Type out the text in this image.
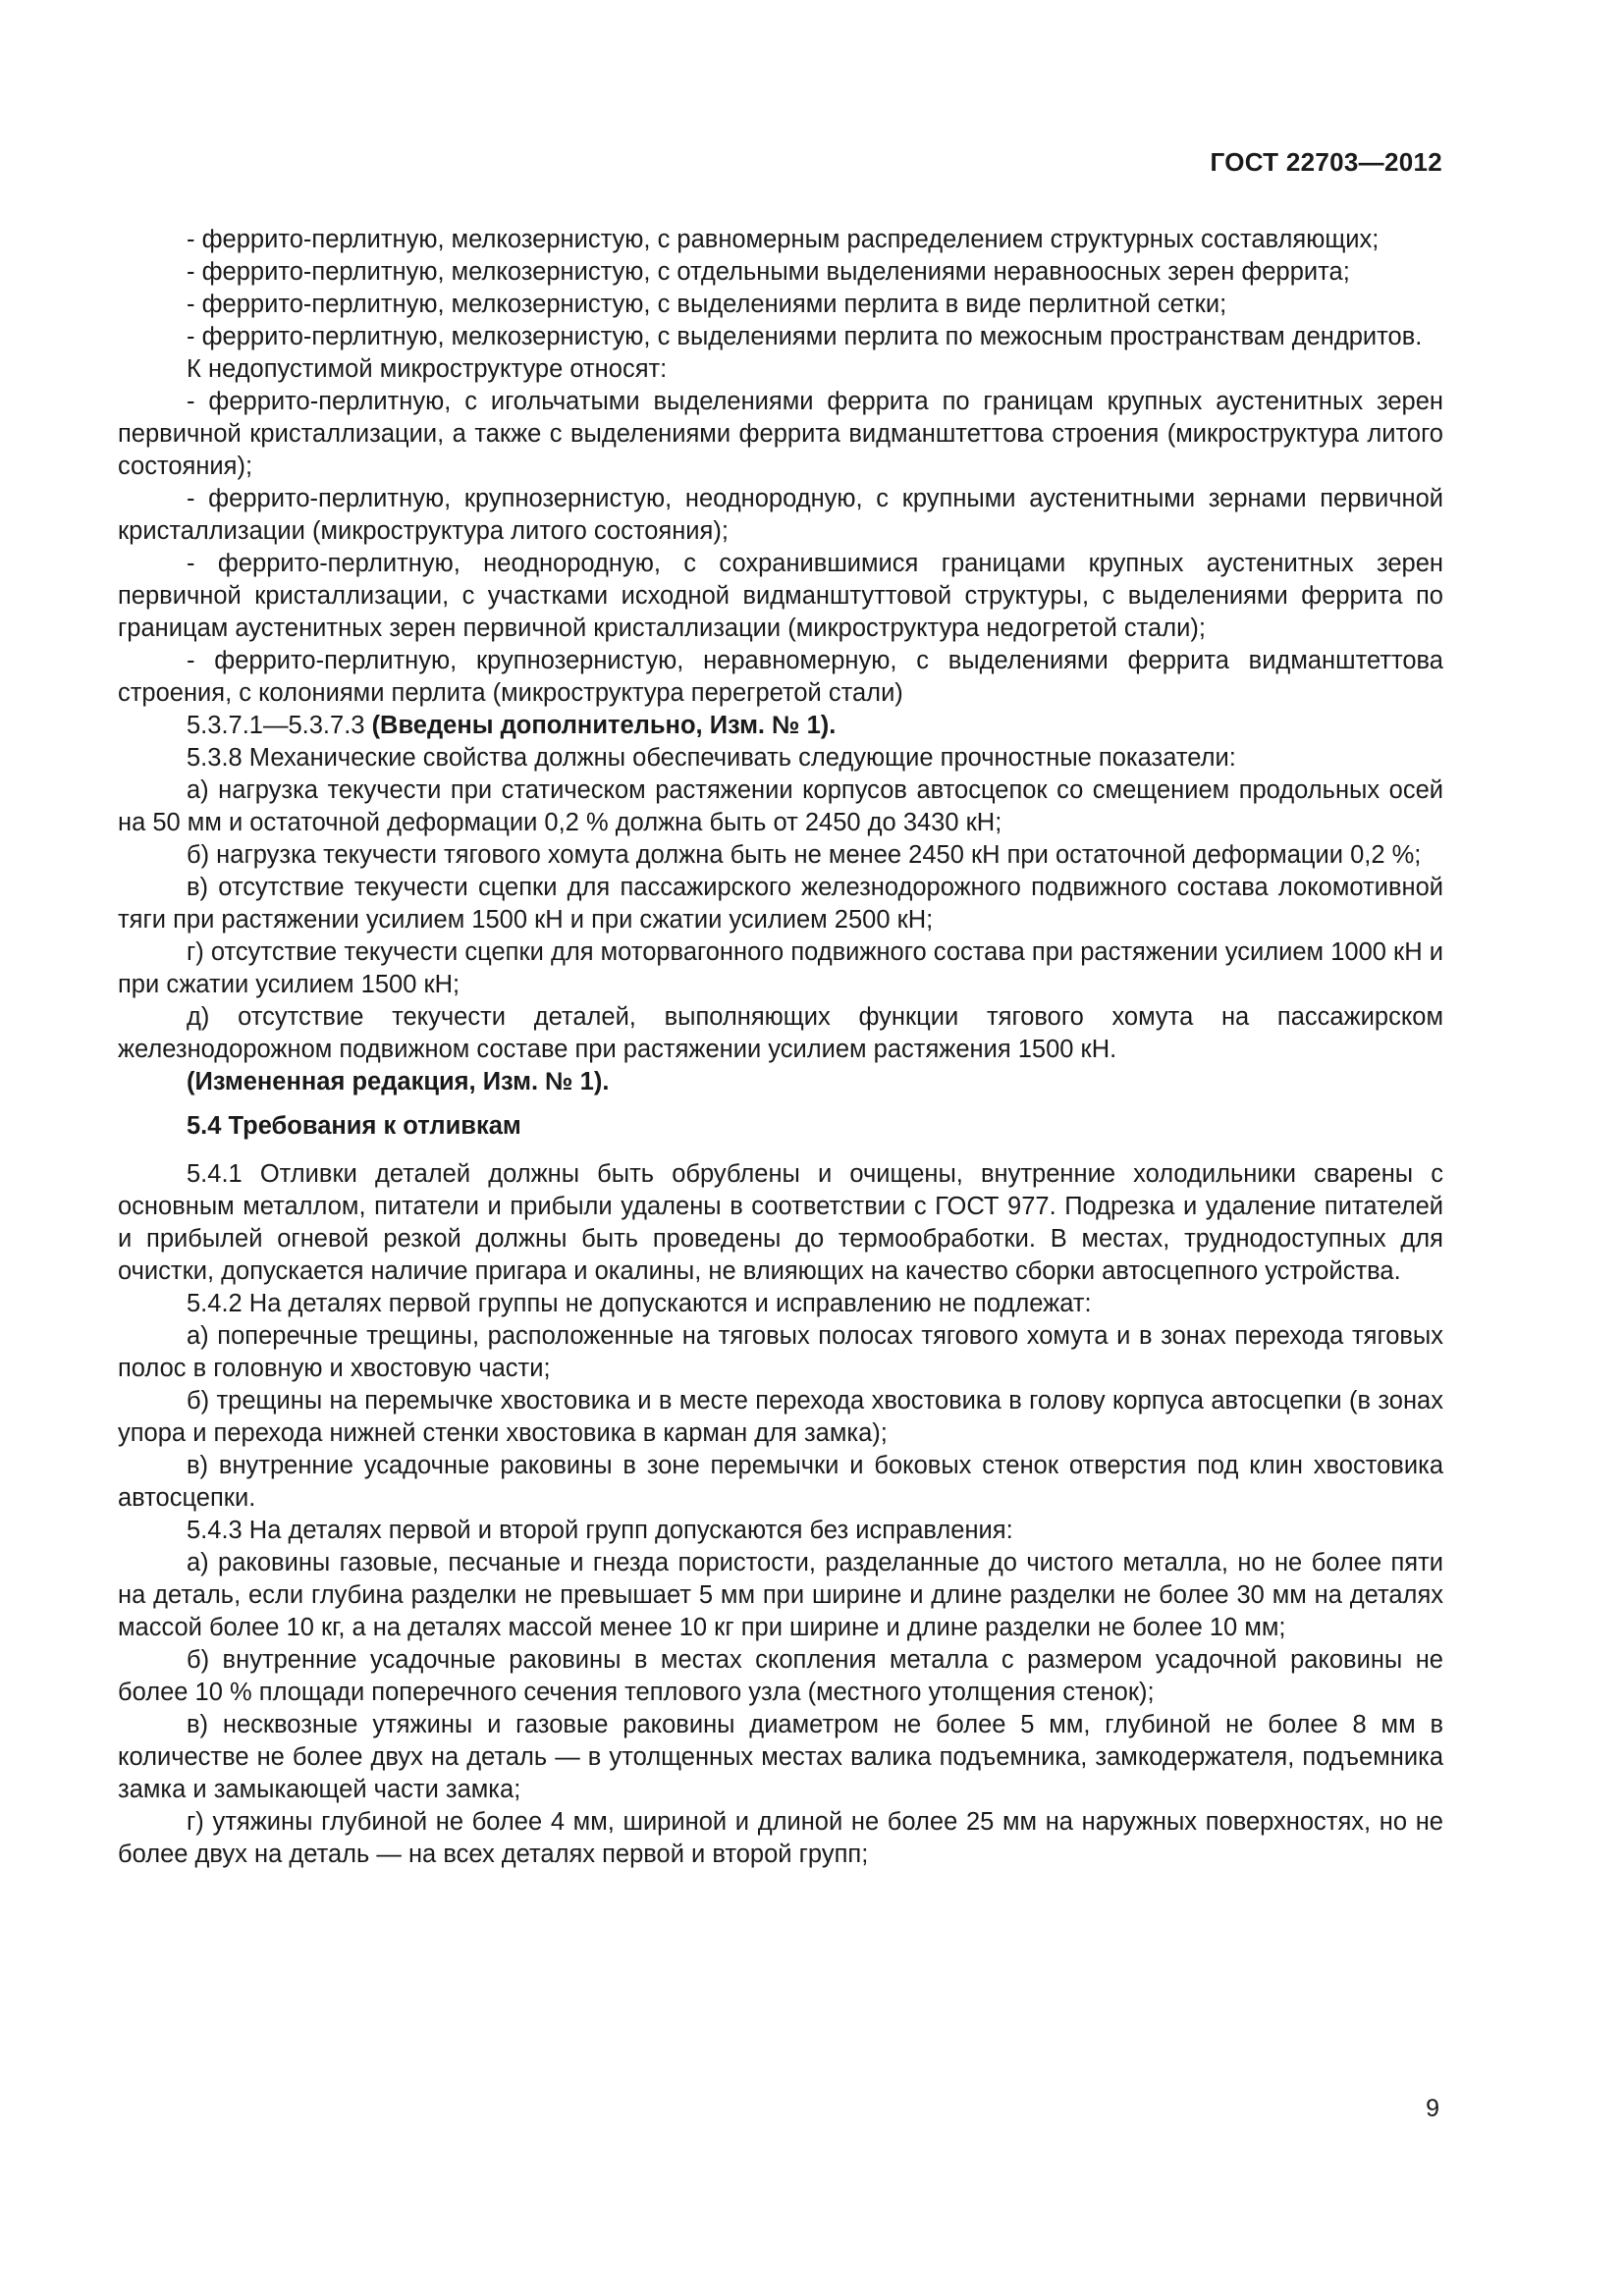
ГОСТ 22703—2012

- феррито-перлитную, мелкозернистую, с равномерным распределением структурных составляющих;

- феррито-перлитную, мелкозернистую, с отдельными выделениями неравноосных зерен феррита;

- феррито-перлитную, мелкозернистую, с выделениями перлита в виде перлитной сетки;

- феррито-перлитную, мелкозернистую, с выделениями перлита по межосным пространствам дендритов.

К недопустимой микроструктуре относят:

- феррито-перлитную, с игольчатыми выделениями феррита по границам крупных аустенитных зерен первичной кристаллизации, а также с выделениями феррита видманштеттова строения (микроструктура литого состояния);

- феррито-перлитную, крупнозернистую, неоднородную, с крупными аустенитными зернами первичной кристаллизации (микроструктура литого состояния);

- феррито-перлитную, неоднородную, с сохранившимися границами крупных аустенитных зерен первичной кристаллизации, с участками исходной видманштуттовой структуры, с выделениями феррита по границам аустенитных зерен первичной кристаллизации (микроструктура недогретой стали);

- феррито-перлитную, крупнозернистую, неравномерную, с выделениями феррита видманштеттова строения, с колониями перлита (микроструктура перегретой стали)

5.3.7.1—5.3.7.3 (Введены дополнительно, Изм. № 1).

5.3.8 Механические свойства должны обеспечивать следующие прочностные показатели:

а) нагрузка текучести при статическом растяжении корпусов автосцепок со смещением продольных осей на 50 мм и остаточной деформации 0,2 % должна быть от 2450 до 3430 кН;

б) нагрузка текучести тягового хомута должна быть не менее 2450 кН при остаточной деформации 0,2 %;

в) отсутствие текучести сцепки для пассажирского железнодорожного подвижного состава локомотивной тяги при растяжении усилием 1500 кН и при сжатии усилием 2500 кН;

г) отсутствие текучести сцепки для моторвагонного подвижного состава при растяжении усилием 1000 кН и при сжатии усилием 1500 кН;

д) отсутствие текучести деталей, выполняющих функции тягового хомута на пассажирском железнодорожном подвижном составе при растяжении усилием растяжения 1500 кН.

(Измененная редакция, Изм. № 1).

5.4 Требования к отливкам

5.4.1 Отливки деталей должны быть обрублены и очищены, внутренние холодильники сварены с основным металлом, питатели и прибыли удалены в соответствии с ГОСТ 977. Подрезка и удаление питателей и прибылей огневой резкой должны быть проведены до термообработки. В местах, труднодоступных для очистки, допускается наличие пригара и окалины, не влияющих на качество сборки автосцепного устройства.

5.4.2 На деталях первой группы не допускаются и исправлению не подлежат:

а) поперечные трещины, расположенные на тяговых полосах тягового хомута и в зонах перехода тяговых полос в головную и хвостовую части;

б) трещины на перемычке хвостовика и в месте перехода хвостовика в голову корпуса автосцепки (в зонах упора и перехода нижней стенки хвостовика в карман для замка);

в) внутренние усадочные раковины в зоне перемычки и боковых стенок отверстия под клин хвостовика автосцепки.

5.4.3 На деталях первой и второй групп допускаются без исправления:

а) раковины газовые, песчаные и гнезда пористости, разделанные до чистого металла, но не более пяти на деталь, если глубина разделки не превышает 5 мм при ширине и длине разделки не более 30 мм на деталях массой более 10 кг, а на деталях массой менее 10 кг при ширине и длине разделки не более 10 мм;

б) внутренние усадочные раковины в местах скопления металла с размером усадочной раковины не более 10 % площади поперечного сечения теплового узла (местного утолщения стенок);

в) несквозные утяжины и газовые раковины диаметром не более 5 мм, глубиной не более 8 мм в количестве не более двух на деталь — в утолщенных местах валика подъемника, замкодержателя, подъемника замка и замыкающей части замка;

г) утяжины глубиной не более 4 мм, шириной и длиной не более 25 мм на наружных поверхностях, но не более двух на деталь — на всех деталях первой и второй групп;

9
